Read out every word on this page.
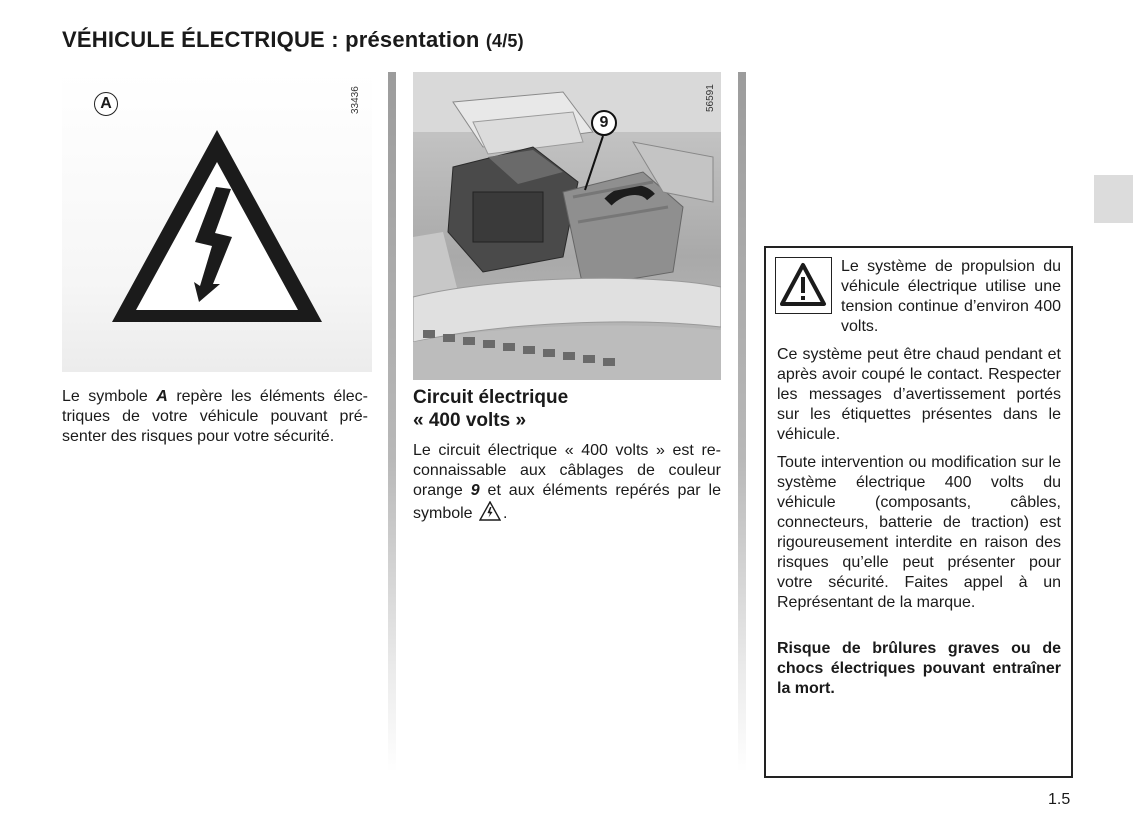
VÉHICULE ÉLECTRIQUE : présentation (4/5)
A	33436

Le symbole A repère les éléments électriques de votre véhicule pouvant présenter des risques pour votre sécurité.

9
56591
Circuit électrique
« 400 volts »

Le circuit électrique « 400 volts » est reconnaissable aux câblages de couleur orange 9 et aux éléments repérés par le symbole .

Le système de propulsion du véhicule électrique utilise une tension continue d’environ 400 volts.

Ce système peut être chaud pendant et après avoir coupé le contact. Respecter les messages d’avertissement portés sur les étiquettes présentes dans le véhicule.

Toute intervention ou modification sur le système électrique 400 volts du véhicule (composants, câbles, connecteurs, batterie de traction) est rigoureusement interdite en raison des risques qu’elle peut présenter pour votre sécurité. Faites appel à un Représentant de la marque.

Risque de brûlures graves ou de chocs électriques pouvant entraîner la mort.

1.5
